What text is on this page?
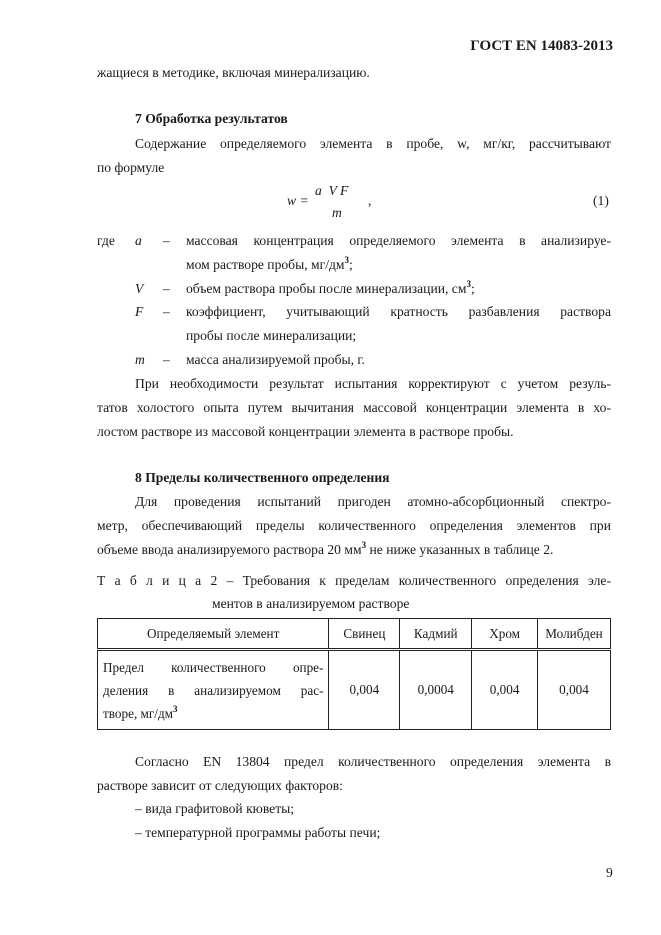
ГОСТ EN 14083-2013
жащиеся в методике, включая минерализацию.
7 Обработка результатов
Содержание определяемого элемента в пробе, w, мг/кг, рассчитывают
по формуле
w =
a  V F
m
,	(1)
где a – массовая концентрация определяемого элемента в анализируе-
мом растворе пробы, $мг/дм^3$;
V – объем раствора пробы после минерализации, $см^3$;
F – коэффициент, учитывающий кратность разбавления раствора
пробы после минерализации;
m – масса анализируемой пробы, г.
При необходимости результат испытания корректируют с учетом резуль-
татов холостого опыта путем вычитания массовой концентрации элемента в хо-
лостом растворе из массовой концентрации элемента в растворе пробы.
8 Пределы количественного определения
Для проведения испытаний пригоден атомно-абсорбционный спектро-
метр, обеспечивающий пределы количественного определения элементов при
объеме ввода анализируемого раствора 20 $мм^3$ не ниже указанных в таблице 2.
Т а б л и ц а 2 – Требования к пределам количественного определения эле-
ментов в анализируемом растворе
Определяемый элемент	Свинец	Кадмий	Хром	Молибден

Предел количественного опре-
деления в анализируемом рас-
творе, $мг/дм^3$	0,004	0,0004	0,004	0,004
Согласно EN 13804 предел количественного определения элемента в
растворе зависит от следующих факторов:
– вида графитовой кюветы;
– температурной программы работы печи;
9
